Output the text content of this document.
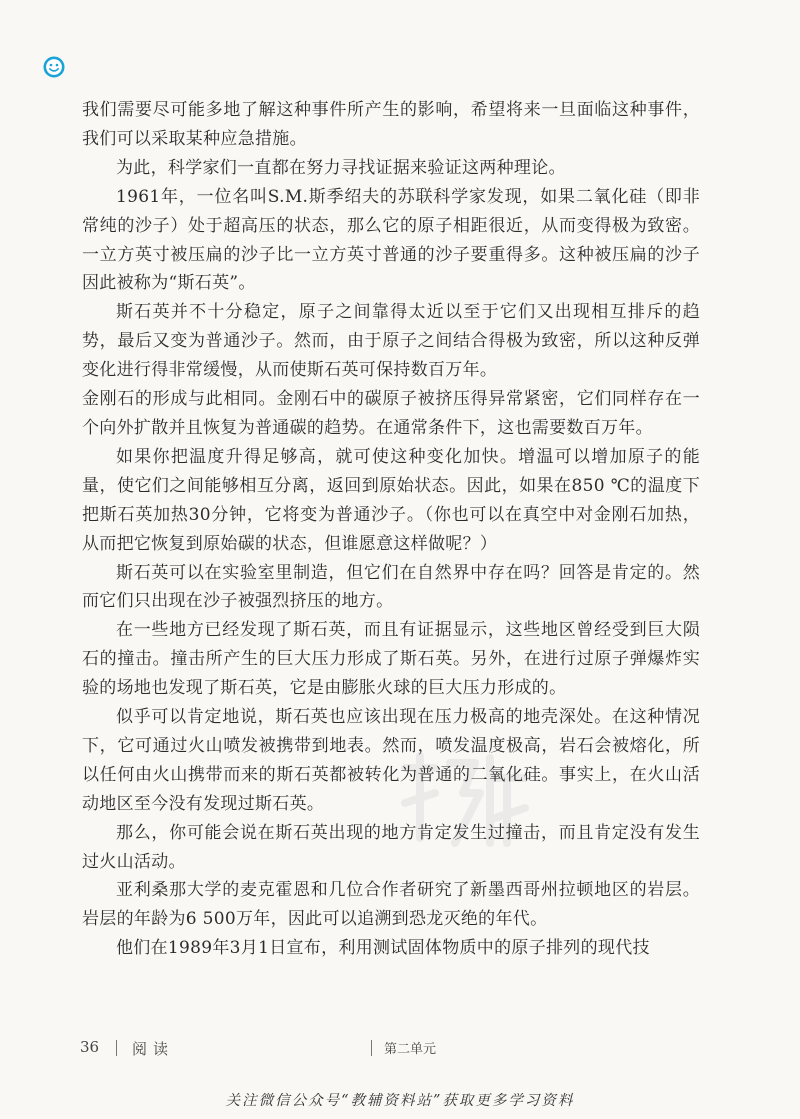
我们需要尽可能多地了解这种事件所产生的影响，希望将来一旦面临这种事件，我们可以采取某种应急措施。

为此，科学家们一直都在努力寻找证据来验证这两种理论。

1961年，一位名叫S.M.斯季绍夫的苏联科学家发现，如果二氧化硅（即非常纯的沙子）处于超高压的状态，那么它的原子相距很近，从而变得极为致密。一立方英寸被压扁的沙子比一立方英寸普通的沙子要重得多。这种被压扁的沙子因此被称为“斯石英”。

斯石英并不十分稳定，原子之间靠得太近以至于它们又出现相互排斥的趋势，最后又变为普通沙子。然而，由于原子之间结合得极为致密，所以这种反弹变化进行得非常缓慢，从而使斯石英可保持数百万年。

金刚石的形成与此相同。金刚石中的碳原子被挤压得异常紧密，它们同样存在一个向外扩散并且恢复为普通碳的趋势。在通常条件下，这也需要数百万年。

如果你把温度升得足够高，就可使这种变化加快。增温可以增加原子的能量，使它们之间能够相互分离，返回到原始状态。因此，如果在850 ℃的温度下把斯石英加热30分钟，它将变为普通沙子。（你也可以在真空中对金刚石加热，从而把它恢复到原始碳的状态，但谁愿意这样做呢？）

斯石英可以在实验室里制造，但它们在自然界中存在吗？回答是肯定的。然而它们只出现在沙子被强烈挤压的地方。

在一些地方已经发现了斯石英，而且有证据显示，这些地区曾经受到巨大陨石的撞击。撞击所产生的巨大压力形成了斯石英。另外，在进行过原子弹爆炸实验的场地也发现了斯石英，它是由膨胀火球的巨大压力形成的。

似乎可以肯定地说，斯石英也应该出现在压力极高的地壳深处。在这种情况下，它可通过火山喷发被携带到地表。然而，喷发温度极高，岩石会被熔化，所以任何由火山携带而来的斯石英都被转化为普通的二氧化硅。事实上，在火山活动地区至今没有发现过斯石英。

那么，你可能会说在斯石英出现的地方肯定发生过撞击，而且肯定没有发生过火山活动。

亚利桑那大学的麦克霍恩和几位合作者研究了新墨西哥州拉顿地区的岩层。岩层的年龄为6 500万年，因此可以追溯到恐龙灭绝的年代。

他们在1989年3月1日宣布，利用测试固体物质中的原子排列的现代技

36 阅读	第二单元
关注微信公众号“教辅资料站”获取更多学习资料
